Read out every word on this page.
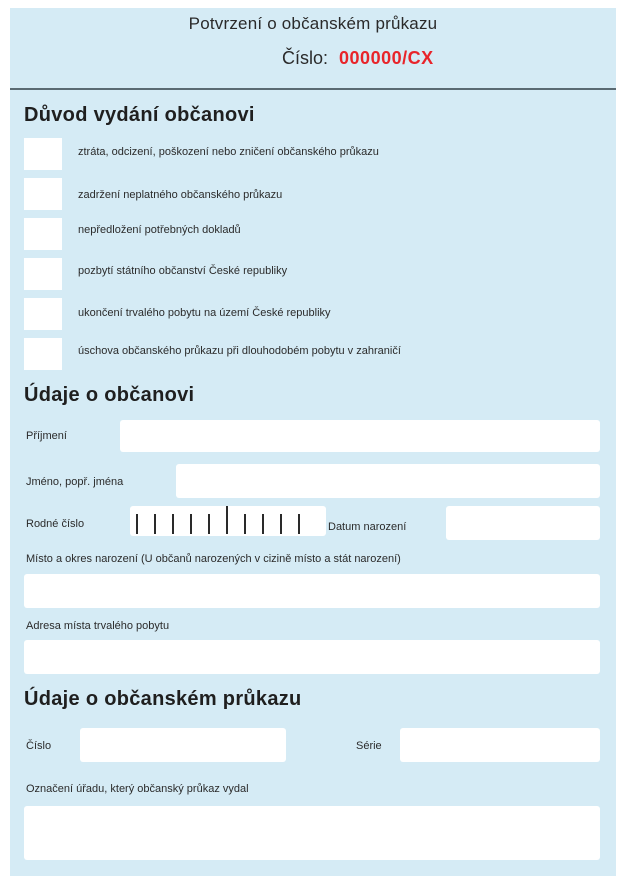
Potvrzení o občanském průkazu
Číslo: 000000/CX
Důvod vydání občanovi
ztráta, odcizení, poškození nebo zničení občanského průkazu
zadržení neplatného občanského průkazu
nepředložení potřebných dokladů
pozbytí státního občanství České republiky
ukončení trvalého pobytu na území České republiky
úschova občanského průkazu při dlouhodobém pobytu v zahraničí
Údaje o občanovi
Příjmení
Jméno, popř. jména
Rodné číslo	Datum narození
Místo a okres narození (U občanů narozených v cizině místo a stát narození)
Adresa místa trvalého pobytu
Údaje o občanském průkazu
Číslo	Série
Označení úřadu, který občanský průkaz vydal
